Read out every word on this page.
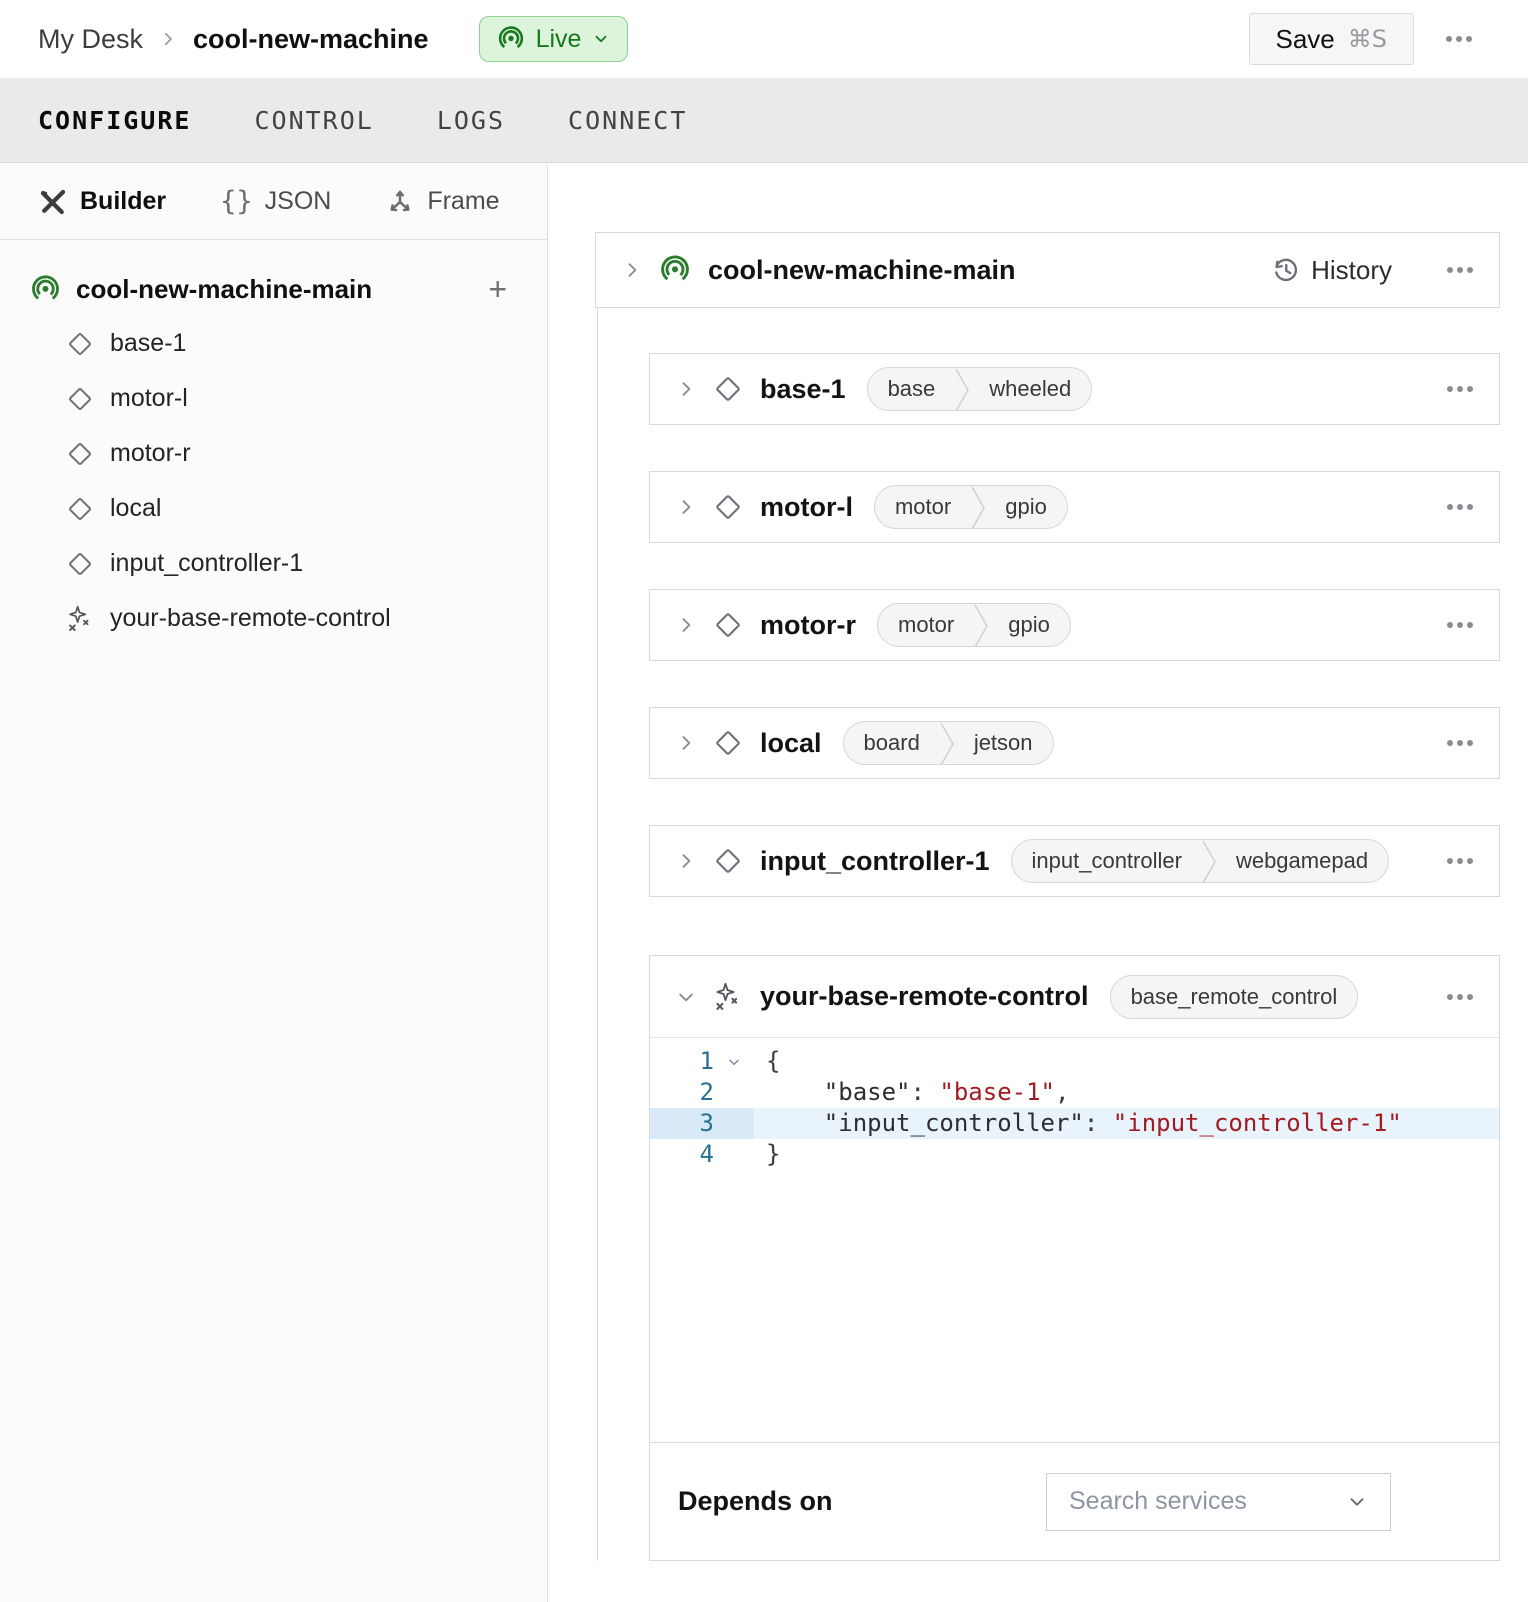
My Desk cool-new-machine	Live	Save ⌘S
CONFIGURE	CONTROL	LOGS	CONNECT
Builder {} JSON	Frame
cool-new-machine-main	+
base-1
motor-l
motor-r
local
input_controller-1
your-base-remote-control
cool-new-machine-main	History
base-1	base	wheeled
motor-l	motor	gpio
motor-r	motor	gpio
local	board	jetson
input_controller-1	input_controller	webgamepad
your-base-remote-control	base_remote_control
1	{
2	"base": "base-1",
3	"input_controller": "input_controller-1"
4	}
Depends on	Search services
